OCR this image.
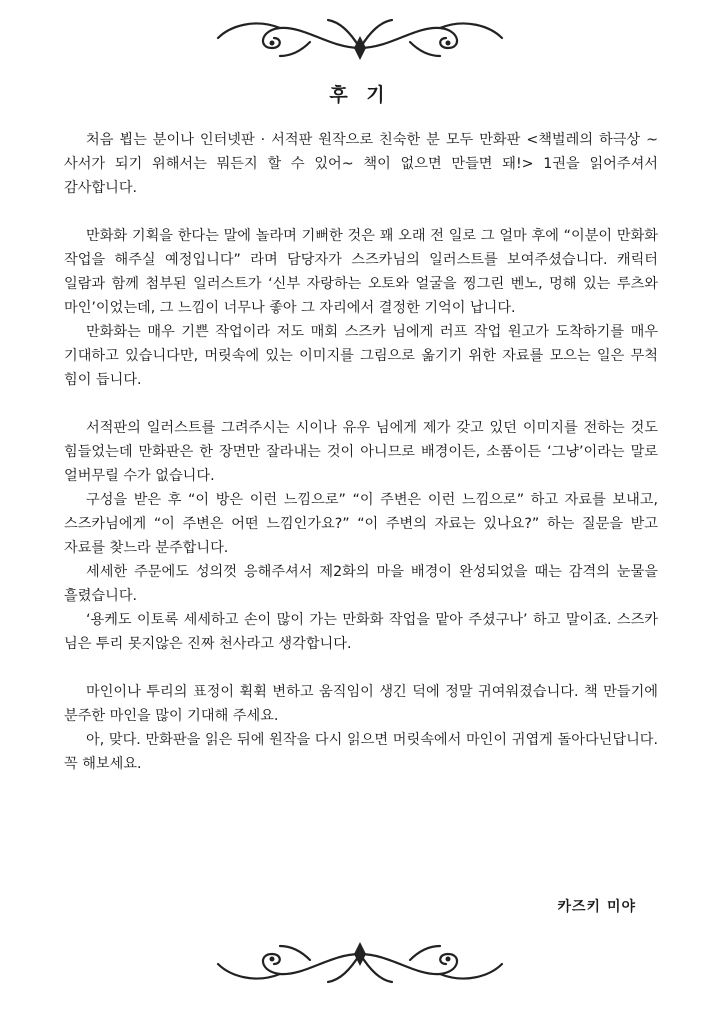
후 기

처음 뵙는 분이나 인터넷판 · 서적판 원작으로 친숙한 분 모두 만화판 <책벌레의 하극상 ~ 사서가 되기 위해서는 뭐든지 할 수 있어~ 책이 없으면 만들면 돼!> 1권을 읽어주셔서 감사합니다.

만화화 기획을 한다는 말에 놀라며 기뻐한 것은 꽤 오래 전 일로 그 얼마 후에 “이분이 만화화 작업을 해주실 예정입니다” 라며 담당자가 스즈카님의 일러스트를 보여주셨습니다. 캐릭터 일람과 함께 첨부된 일러스트가 ‘신부 자랑하는 오토와 얼굴을 찡그린 벤노, 멍해 있는 루츠와 마인’이었는데, 그 느낌이 너무나 좋아 그 자리에서 결정한 기억이 납니다.

만화화는 매우 기쁜 작업이라 저도 매회 스즈카 님에게 러프 작업 원고가 도착하기를 매우 기대하고 있습니다만, 머릿속에 있는 이미지를 그림으로 옮기기 위한 자료를 모으는 일은 무척 힘이 듭니다.

서적판의 일러스트를 그려주시는 시이나 유우 님에게 제가 갖고 있던 이미지를 전하는 것도 힘들었는데 만화판은 한 장면만 잘라내는 것이 아니므로 배경이든, 소품이든 ‘그냥’이라는 말로 얼버무릴 수가 없습니다.

구성을 받은 후 “이 방은 이런 느낌으로” “이 주변은 이런 느낌으로” 하고 자료를 보내고, 스즈카님에게 “이 주변은 어떤 느낌인가요?” “이 주변의 자료는 있나요?” 하는 질문을 받고 자료를 찾느라 분주합니다.

세세한 주문에도 성의껏 응해주셔서 제2화의 마을 배경이 완성되었을 때는 감격의 눈물을 흘렸습니다.

‘용케도 이토록 세세하고 손이 많이 가는 만화화 작업을 맡아 주셨구나’ 하고 말이죠. 스즈카 님은 투리 못지않은 진짜 천사라고 생각합니다.

마인이나 투리의 표정이 휙휙 변하고 움직임이 생긴 덕에 정말 귀여워졌습니다. 책 만들기에 분주한 마인을 많이 기대해 주세요.

아, 맞다. 만화판을 읽은 뒤에 원작을 다시 읽으면 머릿속에서 마인이 귀엽게 돌아다닌답니다. 꼭 해보세요.

카즈키 미야
